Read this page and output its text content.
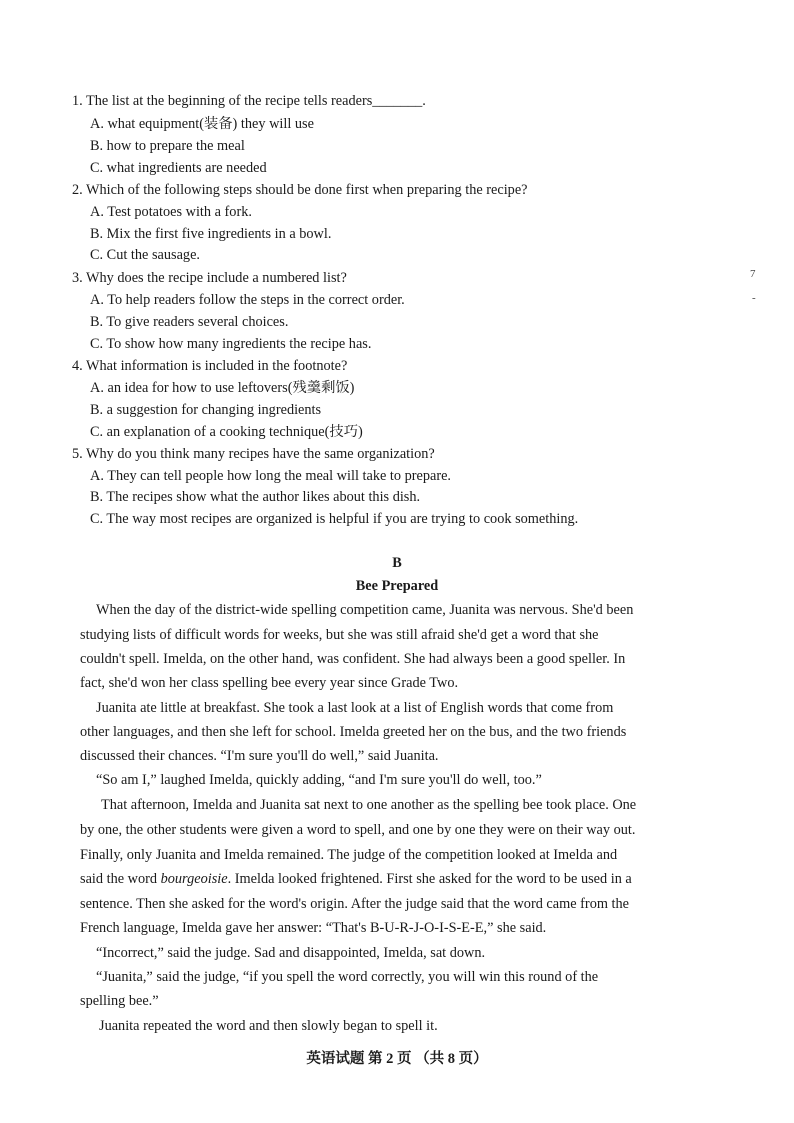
1. The list at the beginning of the recipe tells readers_______.
A. what equipment(装备) they will use
B. how to prepare the meal
C. what ingredients are needed
2. Which of the following steps should be done first when preparing the recipe?
A. Test potatoes with a fork.
B. Mix the first five ingredients in a bowl.
C. Cut the sausage.
3. Why does the recipe include a numbered list?
A. To help readers follow the steps in the correct order.
B. To give readers several choices.
C. To show how many ingredients the recipe has.
4. What information is included in the footnote?
A. an idea for how to use leftovers(残羹剩饭)
B. a suggestion for changing ingredients
C. an explanation of a cooking technique(技巧)
5. Why do you think many recipes have the same organization?
A. They can tell people how long the meal will take to prepare.
B. The recipes show what the author likes about this dish.
C. The way most recipes are organized is helpful if you are trying to cook something.
B
Bee Prepared
When the day of the district-wide spelling competition came, Juanita was nervous. She'd been
studying lists of difficult words for weeks, but she was still afraid she'd get a word that she
couldn't spell. Imelda, on the other hand, was confident. She had always been a good speller. In
fact, she'd won her class spelling bee every year since Grade Two.
Juanita ate little at breakfast. She took a last look at a list of English words that come from
other languages, and then she left for school. Imelda greeted her on the bus, and the two friends
discussed their chances. “I'm sure you'll do well,” said Juanita.
“So am I,” laughed Imelda, quickly adding, “and I'm sure you'll do well, too.”
That afternoon, Imelda and Juanita sat next to one another as the spelling bee took place. One
by one, the other students were given a word to spell, and one by one they were on their way out.
Finally, only Juanita and Imelda remained. The judge of the competition looked at Imelda and
said the word bourgeoisie. Imelda looked frightened. First she asked for the word to be used in a
sentence. Then she asked for the word's origin. After the judge said that the word came from the
French language, Imelda gave her answer: “That's B-U-R-J-O-I-S-E-E,” she said.
“Incorrect,” said the judge. Sad and disappointed, Imelda, sat down.
“Juanita,” said the judge, “if you spell the word correctly, you will win this round of the
spelling bee.”
Juanita repeated the word and then slowly began to spell it.
英语试题 第 2 页 （共 8 页）
7
-
